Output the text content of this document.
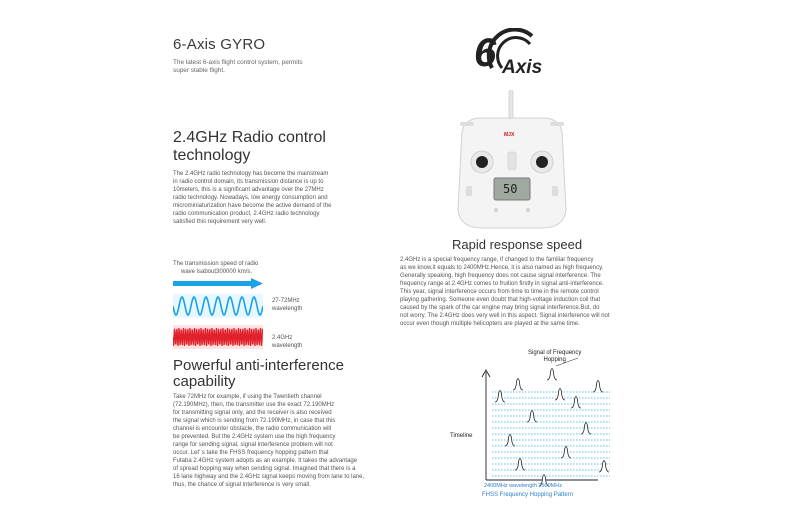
6-Axis GYRO
The latest 6-axis flight control system, permits
super stable flight.	6 Axis
2.4GHz Radio control
technology
The 2.4GHz radio technology has become the mainstream
in radio control domain, its transmission distance is up to
10meters, this is a significant advantage over the 27MHz
radio technology. Nowadays, low energy consumption and
microminiaturization have become the active demand of the
radio communication product, 2.4GHz radio technology
satisfied this requirement very well.
The transmission speed of radio
wave isabout300000 km/s.
27-72MHz
wavelength
2.4GHz
wavelength
MJX
50
Rapid response speed
2.4GHz is a special frequency range, if changed to the familiar frequency
as we know,it equals to 2400MHz.Hence, it is also named as high frequency.
Generally speaking, high frequency does not cause signal interference. The
frequency range at 2.4GHz comes to fruition firstly in signal anti-interference.
This year, signal interference occurs from time to time in the remote control
playing gathering. Someone even doubt that high-voltage induction coil that
caused by the spark of the car engine may bring signal interference.But, do
not worry. The 2.4GHz does very well in this aspect. Signal interference will not
occur even though multiple helicopters are played at the same time.
Powerful anti-interference
capability
Take 72MHz for example, if using the Twentieth channel
(72.190MHz), then, the transmitter use the exact 72.190MHz
for transmitting signal only, and the receiver is also received
the signal which is sending from 72.190MHz, in case that this
channel is encounter obstacle, the radio communication will
be prevented. But the 2.4GHz system use the high frequency
range for sending signal, signal interference problem will not
occur. Let' s take the FHSS frequency hopping pattern that
Futaba 2.4GHz system adopts as an example. It takes the advantage
of spread hopping way when sending signal. Imagined that there is a
16 lane highway and the 2.4GHz signal keeps moving from lane to lane,
thus, the chance of signal interference is very small.
Signal of Frequency
Hopping
Timeline
2400MHz wavelength 2500MHz
FHSS Frequency Hopping Pattern
